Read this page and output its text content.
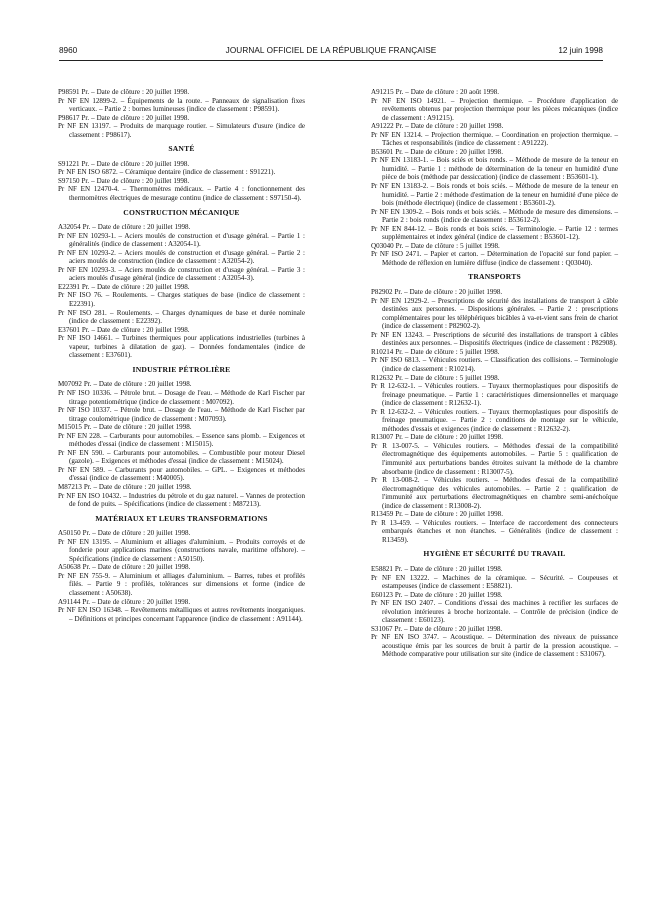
8960	JOURNAL OFFICIEL DE LA RÉPUBLIQUE FRANÇAISE	12 juin 1998

P98591 Pr. – Date de clôture : 20 juillet 1998.

Pr NF EN 12899-2. – Équipements de la route. – Panneaux de signalisation fixes verticaux. – Partie 2 : bornes lumineuses (indice de classement : P98591).

P98617 Pr. – Date de clôture : 20 juillet 1998.

Pr NF EN 13197. – Produits de marquage routier. – Simulateurs d'usure (indice de classement : P98617).

SANTÉ

S91221 Pr. – Date de clôture : 20 juillet 1998.

Pr NF EN ISO 6872. – Céramique dentaire (indice de classement : S91221).

S97150 Pr. – Date de clôture : 20 juillet 1998.

Pr NF EN 12470-4. – Thermomètres médicaux. – Partie 4 : fonctionnement des thermomètres électriques de mesurage continu (indice de classement : S97150-4).

CONSTRUCTION MÉCANIQUE

A32054 Pr. – Date de clôture : 20 juillet 1998.

Pr NF EN 10293-1. – Aciers moulés de construction et d'usage général. – Partie 1 : généralités (indice de classement : A32054-1).

Pr NF EN 10293-2. – Aciers moulés de construction et d'usage général. – Partie 2 : aciers moulés de construction (indice de classement : A32054-2).

Pr NF EN 10293-3. – Aciers moulés de construction et d'usage général. – Partie 3 : aciers moulés d'usage général (indice de classement : A32054-3).

E22391 Pr. – Date de clôture : 20 juillet 1998.

Pr NF ISO 76. – Roulements. – Charges statiques de base (indice de classement : E22391).

Pr NF ISO 281. – Roulements. – Charges dynamiques de base et durée nominale (indice de classement : E22392).

E37601 Pr. – Date de clôture : 20 juillet 1998.

Pr NF ISO 14661. – Turbines thermiques pour applications industrielles (turbines à vapeur, turbines à dilatation de gaz). – Données fondamentales (indice de classement : E37601).

INDUSTRIE PÉTROLIÈRE

M07092 Pr. – Date de clôture : 20 juillet 1998.

Pr NF ISO 10336. – Pétrole brut. – Dosage de l'eau. – Méthode de Karl Fischer par titrage potentiométrique (indice de classement : M07092).

Pr NF ISO 10337. – Pétrole brut. – Dosage de l'eau. – Méthode de Karl Fischer par titrage coulométrique (indice de classement : M07093).

M15015 Pr. – Date de clôture : 20 juillet 1998.

Pr NF EN 228. – Carburants pour automobiles. – Essence sans plomb. – Exigences et méthodes d'essai (indice de classement : M15015).

Pr NF EN 590. – Carburants pour automobiles. – Combustible pour moteur Diesel (gazole). – Exigences et méthodes d'essai (indice de classement : M15024).

Pr NF EN 589. – Carburants pour automobiles. – GPL. – Exigences et méthodes d'essai (indice de classement : M40005).

M87213 Pr. – Date de clôture : 20 juillet 1998.

Pr NF EN ISO 10432. – Industries du pétrole et du gaz naturel. – Vannes de protection de fond de puits. – Spécifications (indice de classement : M87213).

MATÉRIAUX ET LEURS TRANSFORMATIONS

A50150 Pr. – Date de clôture : 20 juillet 1998.

Pr NF EN 13195. – Aluminium et alliages d'aluminium. – Produits corroyés et de fonderie pour applications marines (constructions navale, maritime offshore). – Spécifications (indice de classement : A50150).

A50638 Pr. – Date de clôture : 20 juillet 1998.

Pr NF EN 755-9. – Aluminium et alliages d'aluminium. – Barres, tubes et profilés filés. – Partie 9 : profilés, tolérances sur dimensions et forme (indice de classement : A50638).

A91144 Pr. – Date de clôture : 20 juillet 1998.

Pr NF EN ISO 16348. – Revêtements métalliques et autres revêtements inorganiques. – Définitions et principes concernant l'apparence (indice de classement : A91144).

A91215 Pr. – Date de clôture : 20 août 1998.

Pr NF EN ISO 14921. – Projection thermique. – Procédure d'application de revêtements obtenus par projection thermique pour les pièces mécaniques (indice de classement : A91215).

A91222 Pr. – Date de clôture : 20 juillet 1998.

Pr NF EN 13214. – Projection thermique. – Coordination en projection thermique. – Tâches et responsabilités (indice de classement : A91222).

B53601 Pr. – Date de clôture : 20 juillet 1998.

Pr NF EN 13183-1. – Bois sciés et bois ronds. – Méthode de mesure de la teneur en humidité. – Partie 1 : méthode de détermination de la teneur en humidité d'une pièce de bois (méthode par dessiccation) (indice de classement : B53601-1).

Pr NF EN 13183-2. – Bois ronds et bois sciés. – Méthode de mesure de la teneur en humidité. – Partie 2 : méthode d'estimation de la teneur en humidité d'une pièce de bois (méthode électrique) (indice de classement : B53601-2).

Pr NF EN 1309-2. – Bois ronds et bois sciés. – Méthode de mesure des dimensions. – Partie 2 : bois ronds (indice de classement : B53612-2).

Pr NF EN 844-12. – Bois ronds et bois sciés. – Terminologie. – Partie 12 : termes supplémentaires et index général (indice de classement : B53601-12).

Q03040 Pr. – Date de clôture : 5 juillet 1998.

Pr NF ISO 2471. – Papier et carton. – Détermination de l'opacité sur fond papier. – Méthode de réflexion en lumière diffuse (indice de classement : Q03040).

TRANSPORTS

P82902 Pr. – Date de clôture : 20 juillet 1998.

Pr NF EN 12929-2. – Prescriptions de sécurité des installations de transport à câble destinées aux personnes. – Dispositions générales. – Partie 2 : prescriptions complémentaires pour les téléphériques bicâbles à va-et-vient sans frein de chariot (indice de classement : P82902-2).

Pr NF EN 13243. – Prescriptions de sécurité des installations de transport à câbles destinées aux personnes. – Dispositifs électriques (indice de classement : P82908).

R10214 Pr. – Date de clôture : 5 juillet 1998.

Pr NF ISO 6813. – Véhicules routiers. – Classification des collisions. – Terminologie (indice de classement : R10214).

R12632 Pr. – Date de clôture : 5 juillet 1998.

Pr R 12-632-1. – Véhicules routiers. – Tuyaux thermoplastiques pour dispositifs de freinage pneumatique. – Partie 1 : caractéristiques dimensionnelles et marquage (indice de classement : R12632-1).

Pr R 12-632-2. – Véhicules routiers. – Tuyaux thermoplastiques pour dispositifs de freinage pneumatique. – Partie 2 : conditions de montage sur le véhicule, méthodes d'essais et exigences (indice de classement : R12632-2).

R13007 Pr. – Date de clôture : 20 juillet 1998.

Pr R 13-007-5. – Véhicules routiers. – Méthodes d'essai de la compatibilité électromagnétique des équipements automobiles. – Partie 5 : qualification de l'immunité aux perturbations bandes étroites suivant la méthode de la chambre absorbante (indice de classement : R13007-5).

Pr R 13-008-2. – Véhicules routiers. – Méthodes d'essai de la compatibilité électromagnétique des véhicules automobiles. – Partie 2 : qualification de l'immunité aux perturbations électromagnétiques en chambre semi-anéchoïque (indice de classement : R13008-2).

R13459 Pr. – Date de clôture : 20 juillet 1998.

Pr R 13-459. – Véhicules routiers. – Interface de raccordement des connecteurs embarqués étanches et non étanches. – Généralités (indice de classement : R13459).

HYGIÈNE ET SÉCURITÉ DU TRAVAIL

E58821 Pr. – Date de clôture : 20 juillet 1998.

Pr NF EN 13222. – Machines de la céramique. – Sécurité. – Coupeuses et estampeuses (indice de classement : E58821).

E60123 Pr. – Date de clôture : 20 juillet 1998.

Pr NF EN ISO 2407. – Conditions d'essai des machines à rectifier les surfaces de révolution intérieures à broche horizontale. – Contrôle de précision (indice de classement : E60123).

S31067 Pr. – Date de clôture : 20 juillet 1998.

Pr NF EN ISO 3747. – Acoustique. – Détermination des niveaux de puissance acoustique émis par les sources de bruit à partir de la pression acoustique. – Méthode comparative pour utilisation sur site (indice de classement : S31067).
